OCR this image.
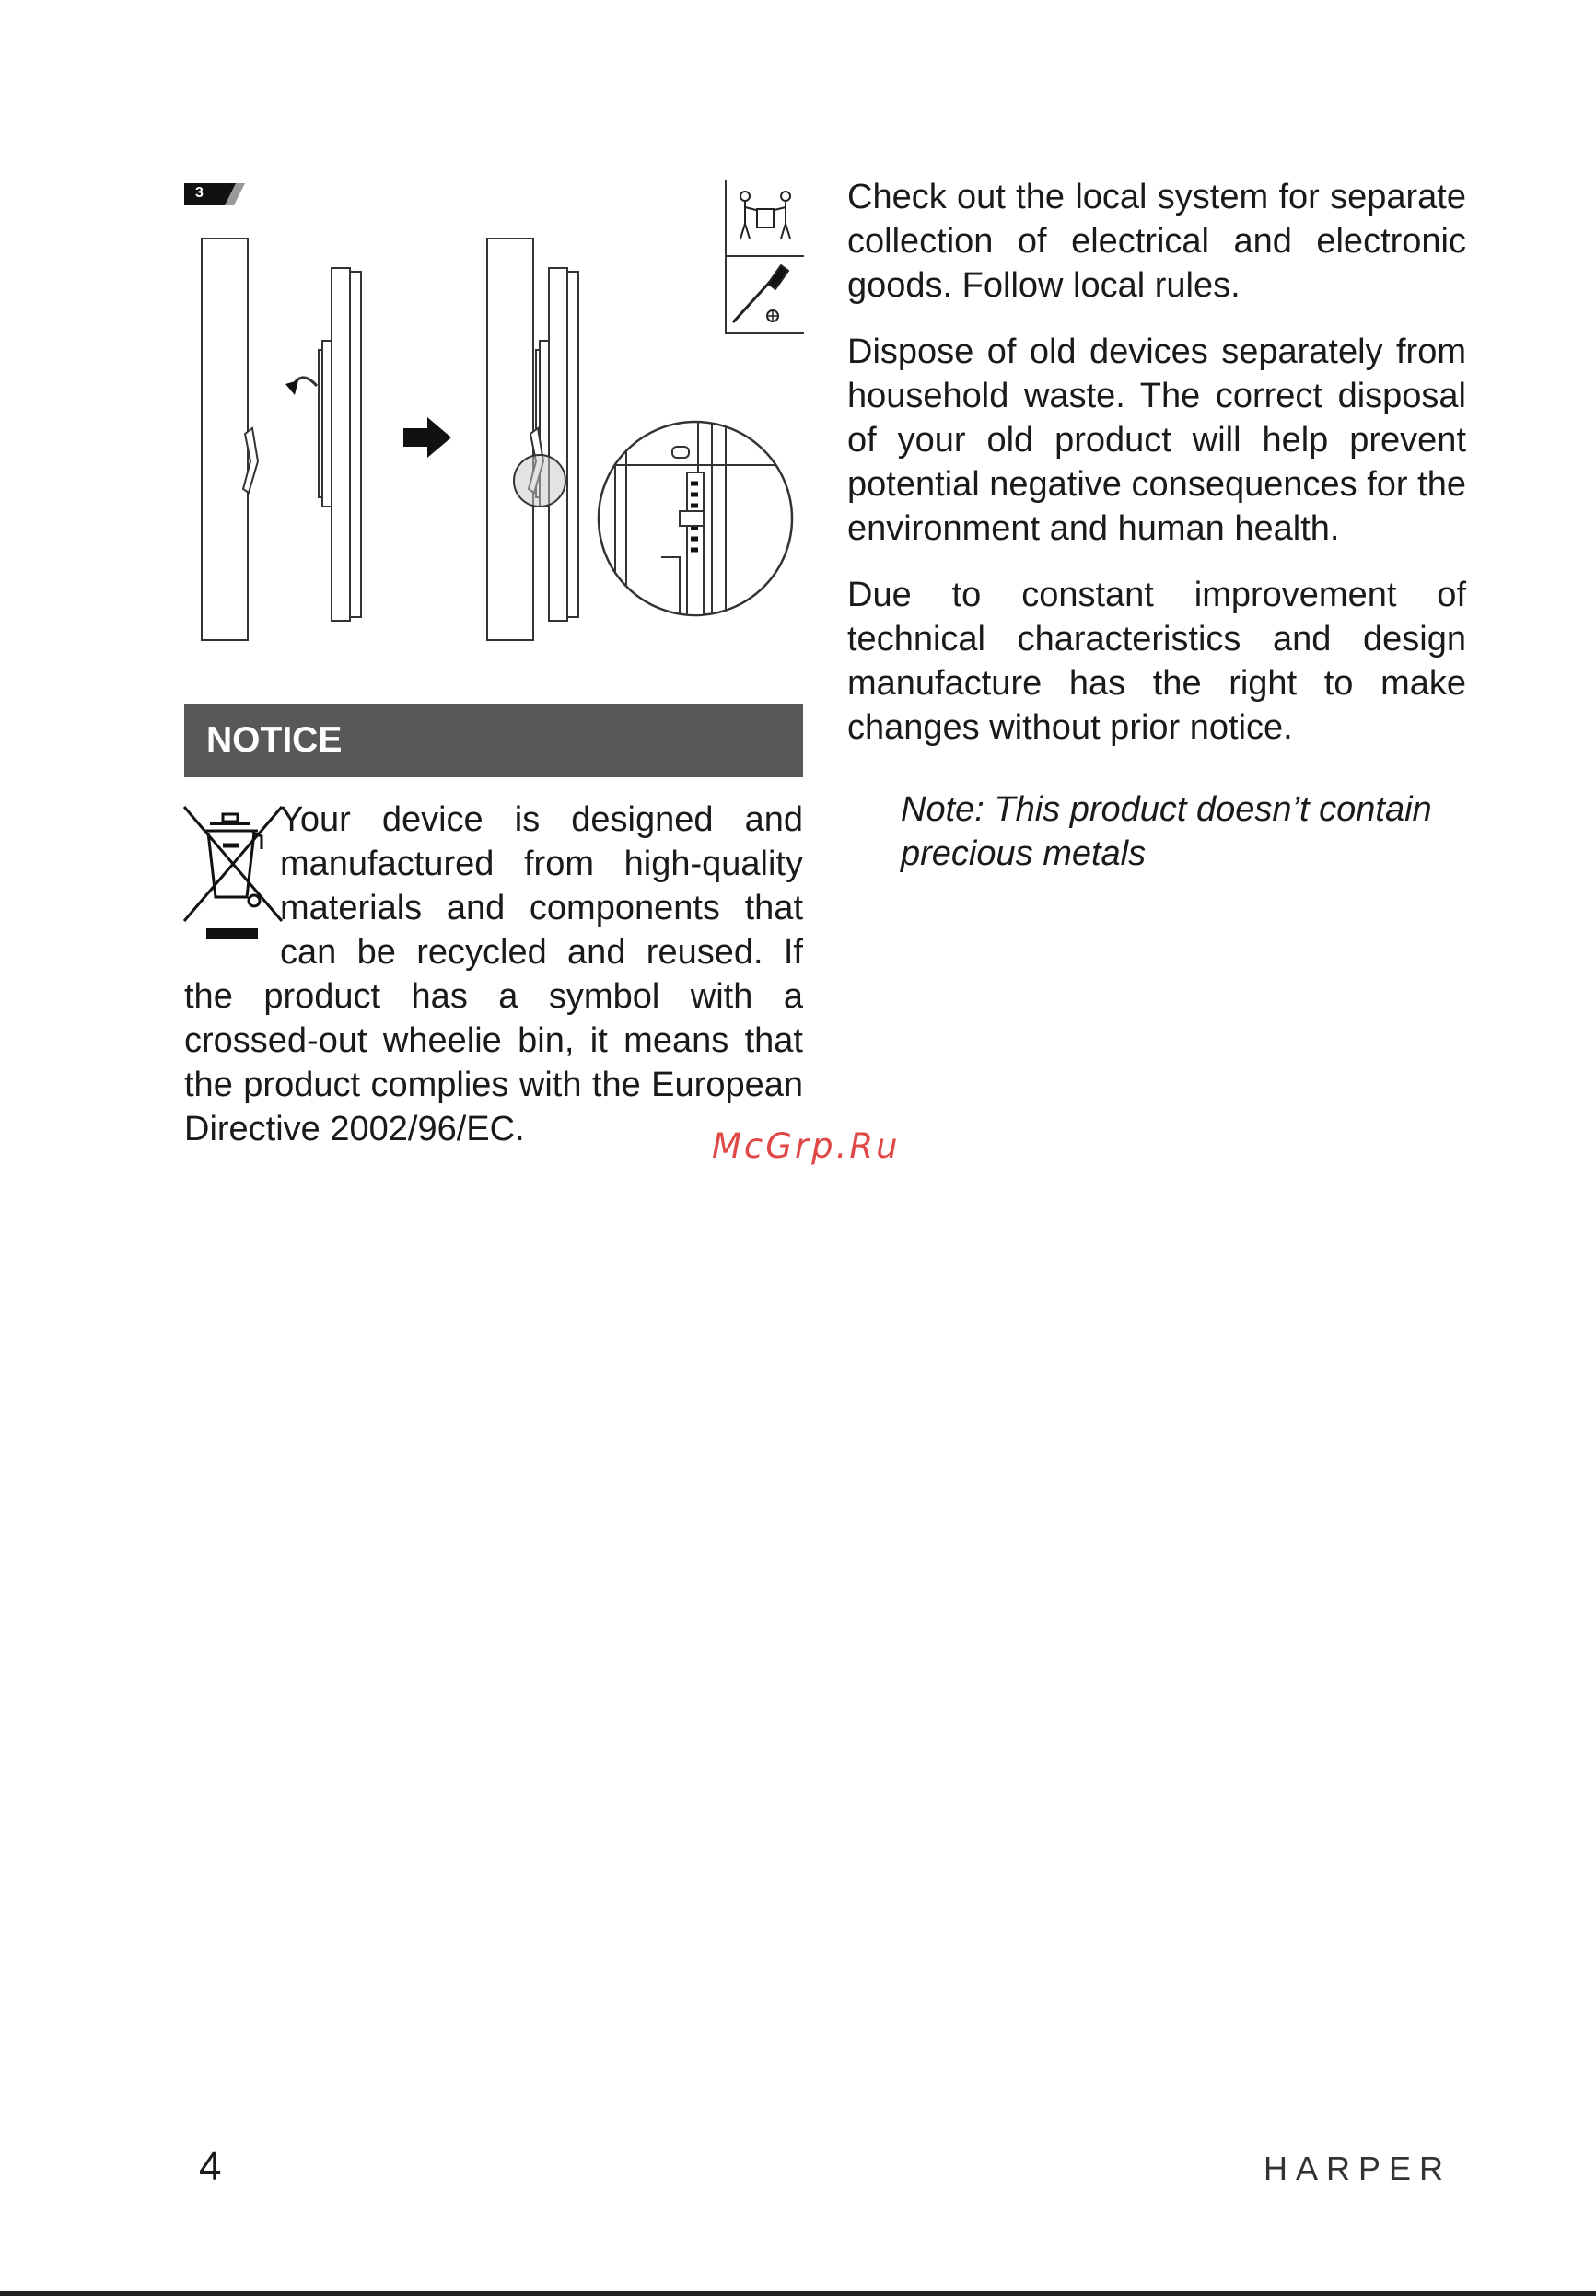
3
NOTICE

Your device is designed and manufactured from high-quality materials and components that can be recycled and reused. If the product has a symbol with a crossed-out wheelie bin, it means that the product complies with the European Directive 2002/96/EC.

Check out the local system for separate collection of electrical and electronic goods. Follow local rules.

Dispose of old devices separately from household waste. The correct disposal of your old product will help prevent potential negative consequences for the environment and human health.

Due to constant improvement of technical characteristics and design manufacture has the right to make changes without prior notice.

Note: This product doesn’t contain precious metals

McGrp.Ru
4	HARPER
